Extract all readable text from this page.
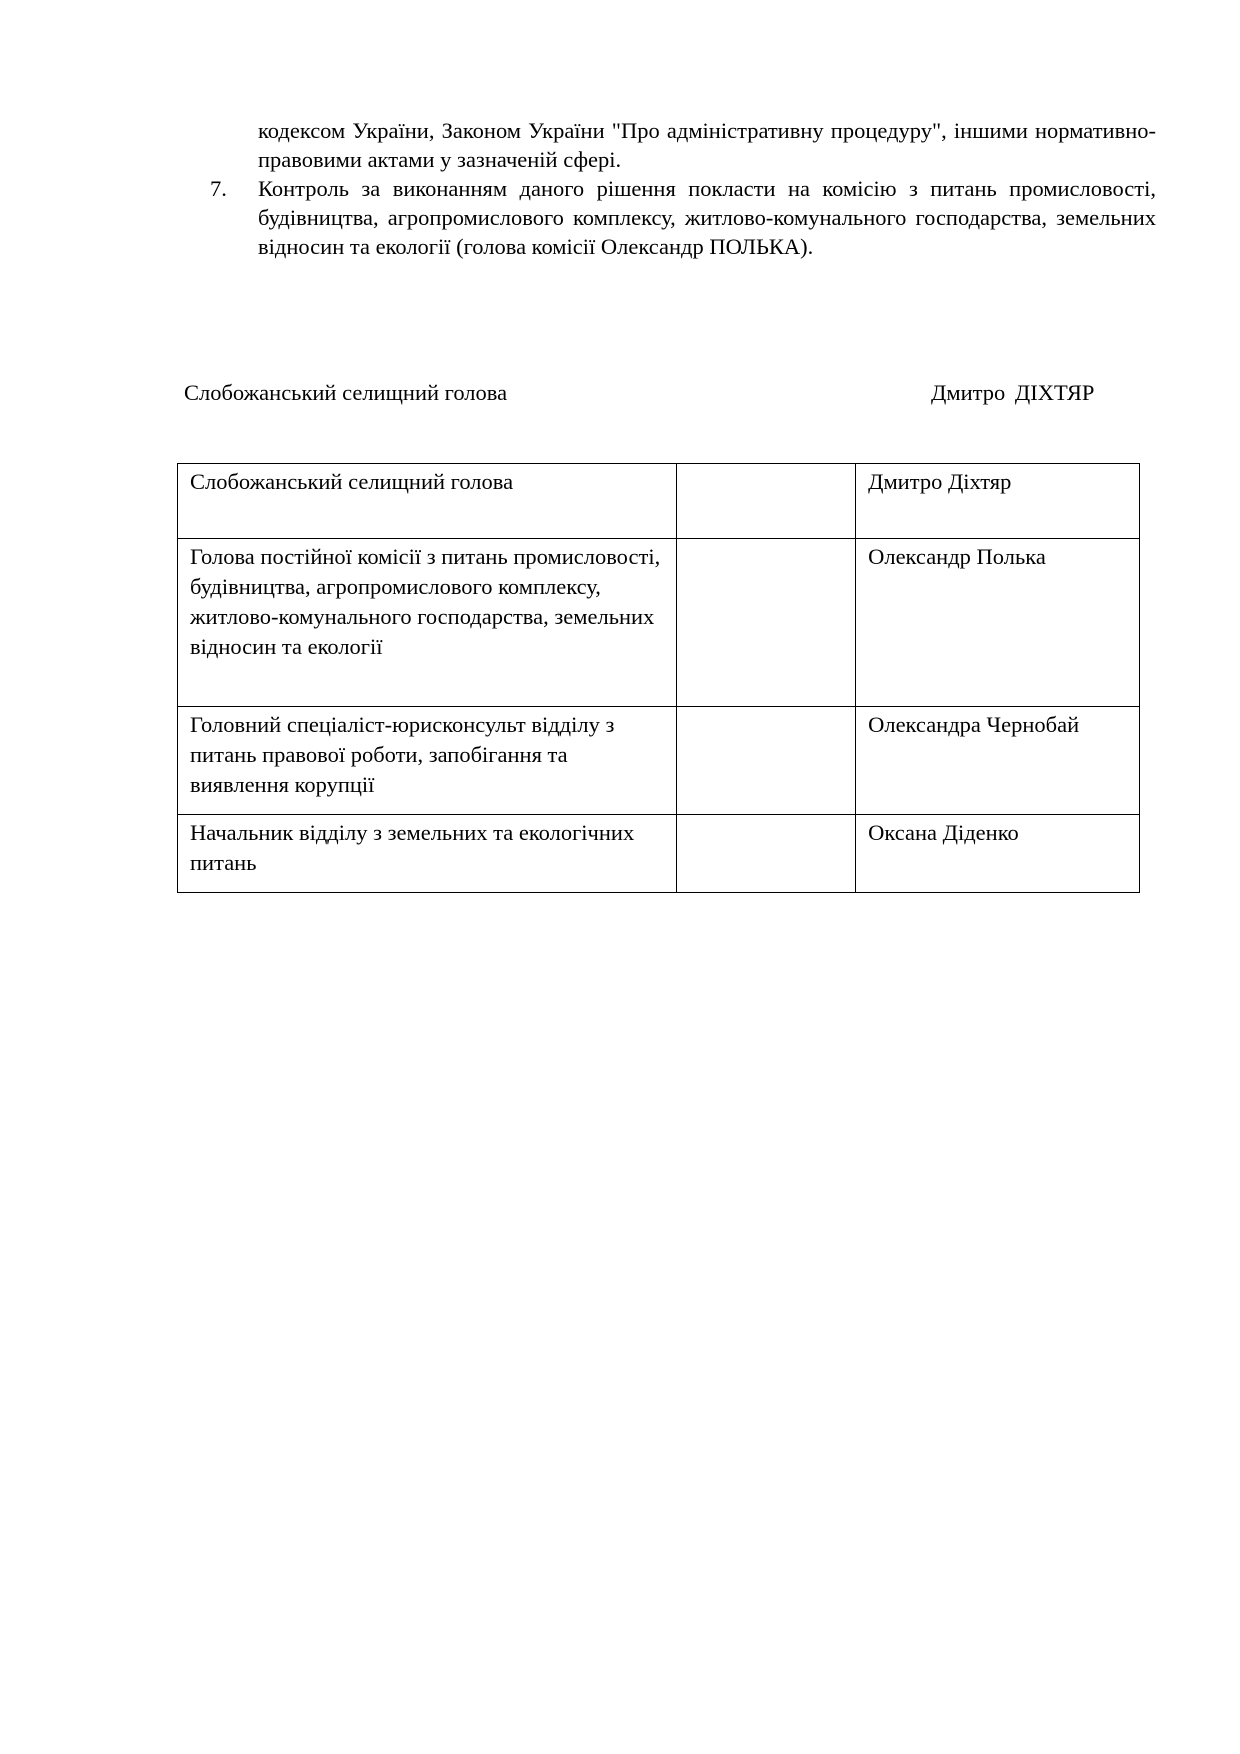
кодексом України, Законом України "Про адміністративну процедуру", іншими нормативно-правовими актами у зазначеній сфері.
7.	Контроль за виконанням даного рішення покласти на комісію з питань промисловості, будівництва, агропромислового комплексу, житлово-комунального господарства, земельних відносин та екології (голова комісії Олександр ПОЛЬКА).
Слобожанський селищний голова	Дмитро ДІХТЯР
Слобожанський селищний голова		Дмитро Діхтяр
Голова постійної комісії з питань промисловості, будівництва, агропромислового комплексу, житлово-комунального господарства, земельних відносин та екології		Олександр Полька
Головний спеціаліст-юрисконсульт відділу з питань правової роботи, запобігання та виявлення корупції		Олександра Чернобай
Начальник відділу з земельних та екологічних питань		Оксана Діденко
